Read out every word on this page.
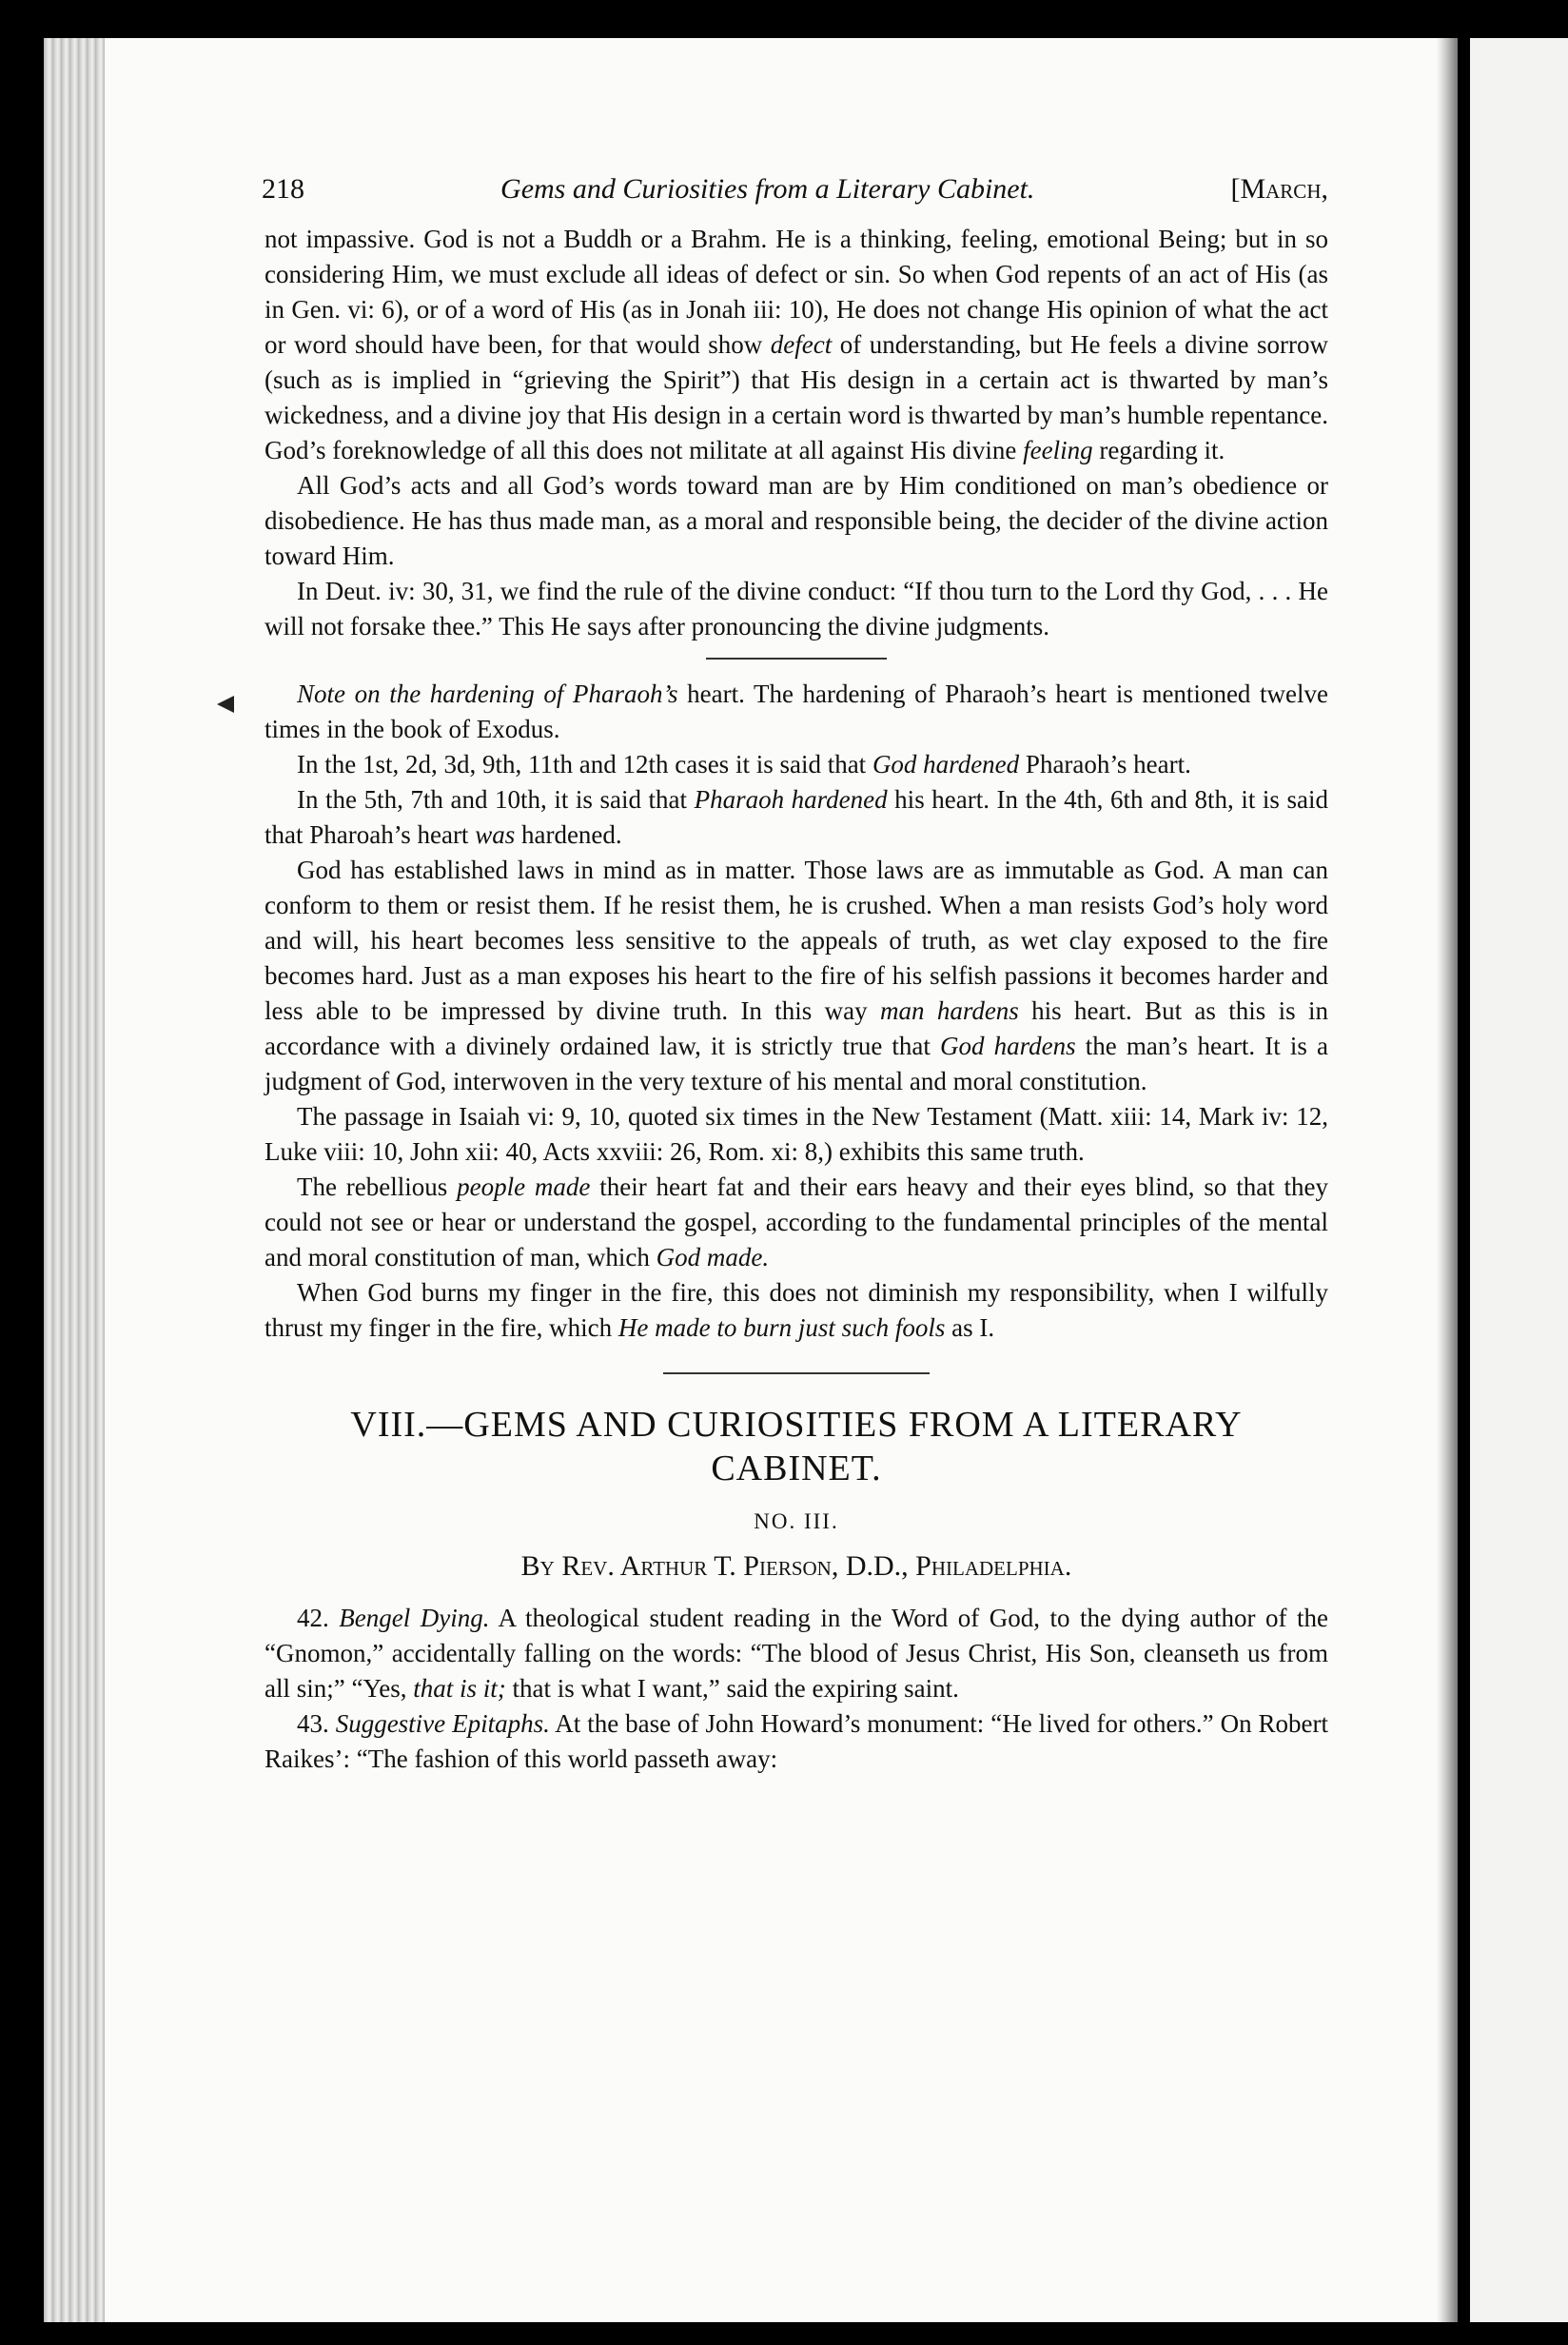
218	Gems and Curiosities from a Literary Cabinet.	[March,

not impassive. God is not a Buddh or a Brahm. He is a thinking, feeling, emotional Being; but in so considering Him, we must exclude all ideas of defect or sin. So when God repents of an act of His (as in Gen. vi: 6), or of a word of His (as in Jonah iii: 10), He does not change His opinion of what the act or word should have been, for that would show defect of understanding, but He feels a divine sorrow (such as is implied in “grieving the Spirit”) that His design in a certain act is thwarted by man’s wickedness, and a divine joy that His design in a certain word is thwarted by man’s humble repentance. God’s foreknowledge of all this does not militate at all against His divine feeling regarding it.

All God’s acts and all God’s words toward man are by Him conditioned on man’s obedience or disobedience. He has thus made man, as a moral and responsible being, the decider of the divine action toward Him.

In Deut. iv: 30, 31, we find the rule of the divine conduct: “If thou turn to the Lord thy God, . . . He will not forsake thee.” This He says after pronouncing the divine judgments.

Note on the hardening of Pharaoh’s heart. The hardening of Pharaoh’s heart is mentioned twelve times in the book of Exodus.

In the 1st, 2d, 3d, 9th, 11th and 12th cases it is said that God hardened Pharaoh’s heart.

In the 5th, 7th and 10th, it is said that Pharaoh hardened his heart. In the 4th, 6th and 8th, it is said that Pharoah’s heart was hardened.

God has established laws in mind as in matter. Those laws are as immutable as God. A man can conform to them or resist them. If he resist them, he is crushed. When a man resists God’s holy word and will, his heart becomes less sensitive to the appeals of truth, as wet clay exposed to the fire becomes hard. Just as a man exposes his heart to the fire of his selfish passions it becomes harder and less able to be impressed by divine truth. In this way man hardens his heart. But as this is in accordance with a divinely ordained law, it is strictly true that God hardens the man’s heart. It is a judgment of God, interwoven in the very texture of his mental and moral constitution.

The passage in Isaiah vi: 9, 10, quoted six times in the New Testament (Matt. xiii: 14, Mark iv: 12, Luke viii: 10, John xii: 40, Acts xxviii: 26, Rom. xi: 8,) exhibits this same truth.

The rebellious people made their heart fat and their ears heavy and their eyes blind, so that they could not see or hear or understand the gospel, according to the fundamental principles of the mental and moral constitution of man, which God made.

When God burns my finger in the fire, this does not diminish my responsibility, when I wilfully thrust my finger in the fire, which He made to burn just such fools as I.

VIII.—GEMS AND CURIOSITIES FROM A LITERARY CABINET.
NO. III.
By Rev. Arthur T. Pierson, D.D., Philadelphia.

42. Bengel Dying. A theological student reading in the Word of God, to the dying author of the “Gnomon,” accidentally falling on the words: “The blood of Jesus Christ, His Son, cleanseth us from all sin;” “Yes, that is it; that is what I want,” said the expiring saint.

43. Suggestive Epitaphs. At the base of John Howard’s monument: “He lived for others.” On Robert Raikes’: “The fashion of this world passeth away:
